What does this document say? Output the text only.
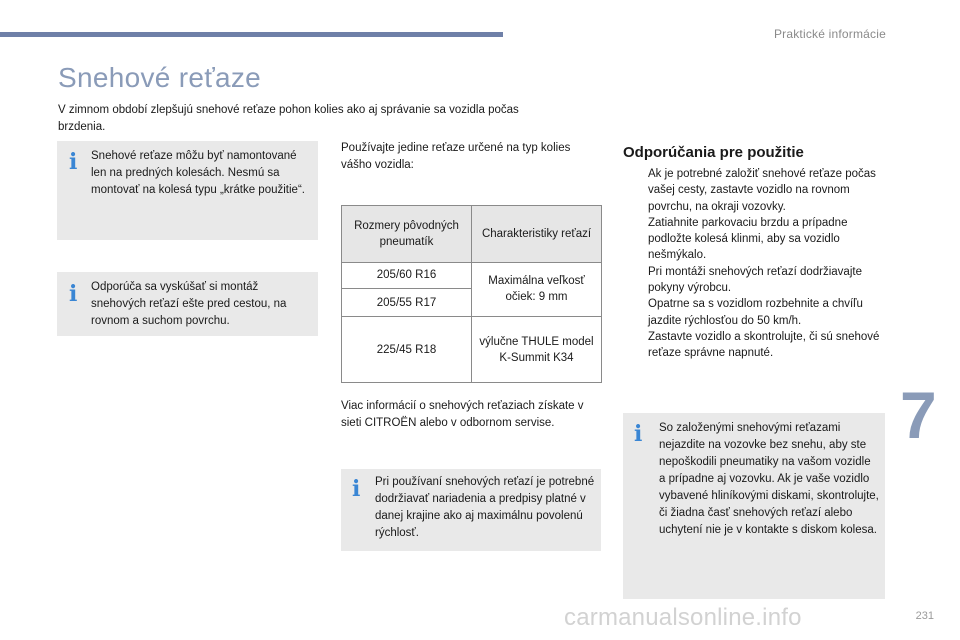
Praktické informácie
Snehové reťaze

V zimnom období zlepšujú snehové reťaze pohon kolies ako aj správanie sa vozidla počas brzdenia.

i Snehové reťaze môžu byť namontované len na predných kolesách. Nesmú sa montovať na kolesá typu „krátke použitie“.

i Odporúča sa vyskúšať si montáž snehových reťazí ešte pred cestou, na rovnom a suchom povrchu.

Používajte jedine reťaze určené na typ kolies vášho vozidla:

Rozmery pôvodných pneumatík	Charakteristiky reťazí
205/60 R16	Maximálna veľkosť očiek: 9 mm
205/55 R17	
225/45 R18	výlučne THULE model K-Summit K34

Viac informácií o snehových reťaziach získate v sieti CITROËN alebo v odbornom servise.

i Pri používaní snehových reťazí je potrebné dodržiavať nariadenia a predpisy platné v danej krajine ako aj maximálnu povolenú rýchlosť.

Odporúčania pre použitie
Ak je potrebné založiť snehové reťaze počas vašej cesty, zastavte vozidlo na rovnom povrchu, na okraji vozovky.
Zatiahnite parkovaciu brzdu a prípadne podložte kolesá klinmi, aby sa vozidlo nešmýkalo.
Pri montáži snehových reťazí dodržiavajte pokyny výrobcu.
Opatrne sa s vozidlom rozbehnite a chvíľu jazdite rýchlosťou do 50 km/h.
Zastavte vozidlo a skontrolujte, či sú snehové reťaze správne napnuté.
i So založenými snehovými reťazami nejazdite na vozovke bez snehu, aby ste nepoškodili pneumatiky na vašom vozidle a prípadne aj vozovku. Ak je vaše vozidlo vybavené hliníkovými diskami, skontrolujte, či žiadna časť snehových reťazí alebo uchytení nie je v kontakte s diskom kolesa.

7
carmanualsonline.info	231
